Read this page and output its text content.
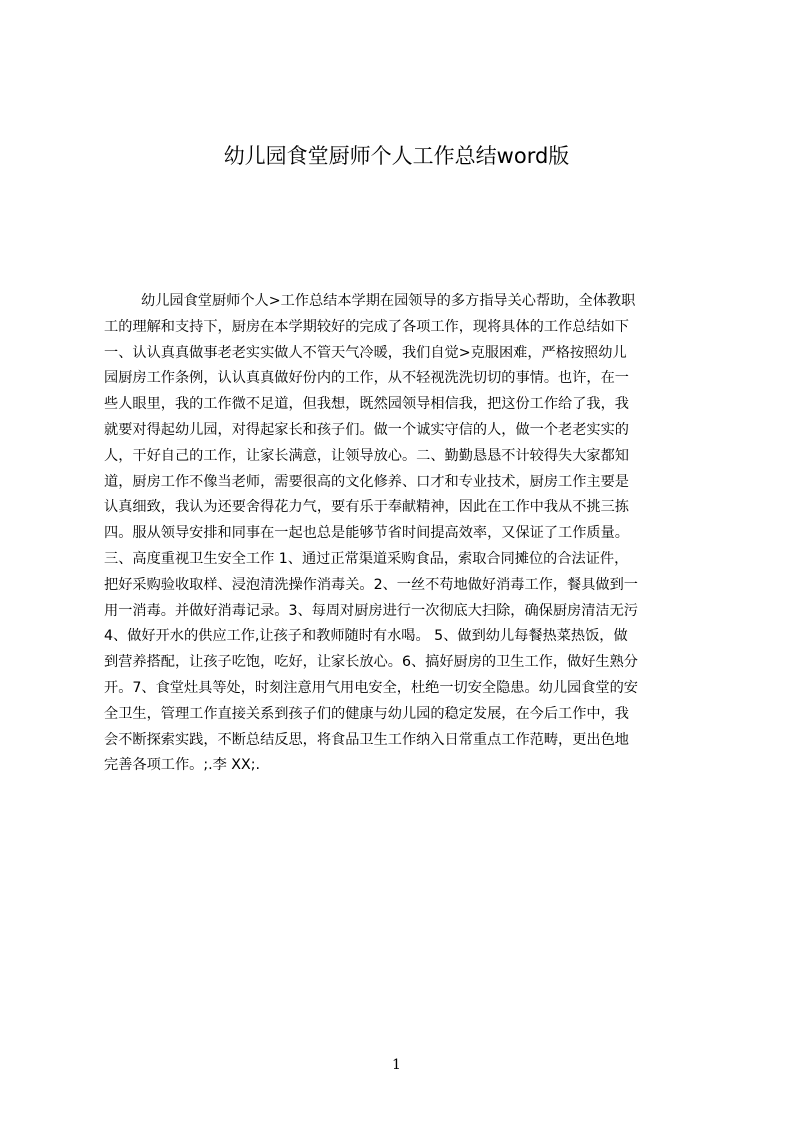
幼儿园食堂厨师个人工作总结word版
幼儿园食堂厨师个人>工作总结本学期在园领导的多方指导关心帮助，全体教职
工的理解和支持下，厨房在本学期较好的完成了各项工作，现将具体的工作总结如下
一、认认真真做事老老实实做人不管天气冷暖，我们自觉>克服困难，严格按照幼儿
园厨房工作条例，认认真真做好份内的工作，从不轻视洗洗切切的事情。也许，在一
些人眼里，我的工作微不足道，但我想，既然园领导相信我，把这份工作给了我，我
就要对得起幼儿园，对得起家长和孩子们。做一个诚实守信的人，做一个老老实实的
人，干好自己的工作，让家长满意，让领导放心。二、勤勤恳恳不计较得失大家都知
道，厨房工作不像当老师，需要很高的文化修养、口才和专业技术，厨房工作主要是
认真细致，我认为还要舍得花力气，要有乐于奉献精神，因此在工作中我从不挑三拣
四。服从领导安排和同事在一起也总是能够节省时间提高效率，又保证了工作质量。
三、高度重视卫生安全工作 1、通过正常渠道采购食品，索取合同摊位的合法证件，
把好采购验收取样、浸泡清洗操作消毒关。2、一丝不苟地做好消毒工作，餐具做到一
用一消毒。并做好消毒记录。3、每周对厨房进行一次彻底大扫除，确保厨房清洁无污
4、做好开水的供应工作,让孩子和教师随时有水喝。 5、做到幼儿每餐热菜热饭，做
到营养搭配，让孩子吃饱，吃好，让家长放心。6、搞好厨房的卫生工作，做好生熟分
开。7、食堂灶具等处，时刻注意用气用电安全，杜绝一切安全隐患。幼儿园食堂的安
全卫生，管理工作直接关系到孩子们的健康与幼儿园的稳定发展，在今后工作中，我
会不断探索实践，不断总结反思，将食品卫生工作纳入日常重点工作范畴，更出色地
完善各项工作。;.李 XX;.
1
